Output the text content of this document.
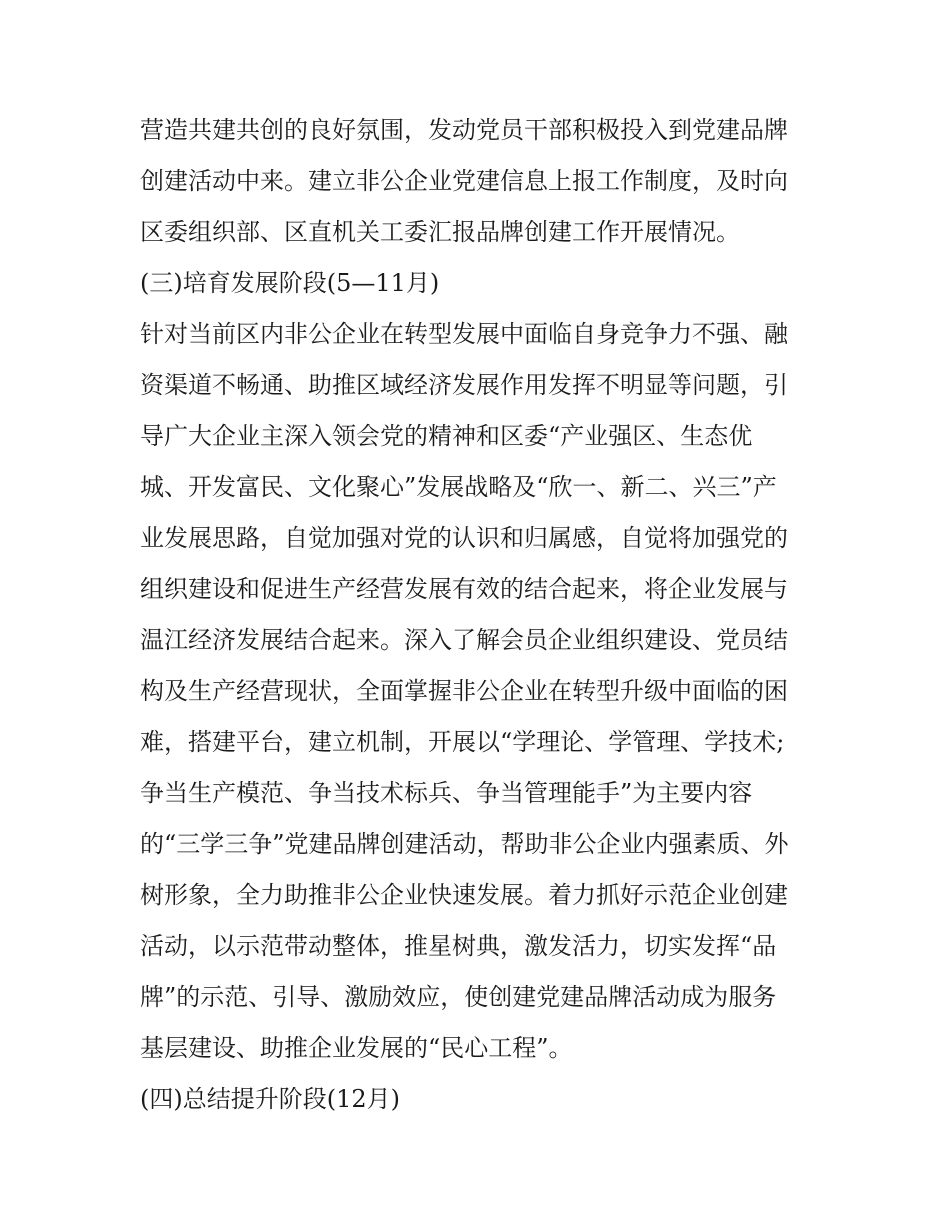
营造共建共创的良好氛围，发动党员干部积极投入到党建品牌

创建活动中来。建立非公企业党建信息上报工作制度，及时向

区委组织部、区直机关工委汇报品牌创建工作开展情况。

(三)培育发展阶段(5—11月)

针对当前区内非公企业在转型发展中面临自身竞争力不强、融

资渠道不畅通、助推区域经济发展作用发挥不明显等问题，引

导广大企业主深入领会党的精神和区委“产业强区、生态优

城、开发富民、文化聚心”发展战略及“欣一、新二、兴三”产

业发展思路，自觉加强对党的认识和归属感，自觉将加强党的

组织建设和促进生产经营发展有效的结合起来，将企业发展与

温江经济发展结合起来。深入了解会员企业组织建设、党员结

构及生产经营现状，全面掌握非公企业在转型升级中面临的困

难，搭建平台，建立机制，开展以“学理论、学管理、学技术;

争当生产模范、争当技术标兵、争当管理能手”为主要内容

的“三学三争”党建品牌创建活动，帮助非公企业内强素质、外

树形象，全力助推非公企业快速发展。着力抓好示范企业创建

活动，以示范带动整体，推星树典，激发活力，切实发挥“品

牌”的示范、引导、激励效应，使创建党建品牌活动成为服务

基层建设、助推企业发展的“民心工程”。

(四)总结提升阶段(12月)
